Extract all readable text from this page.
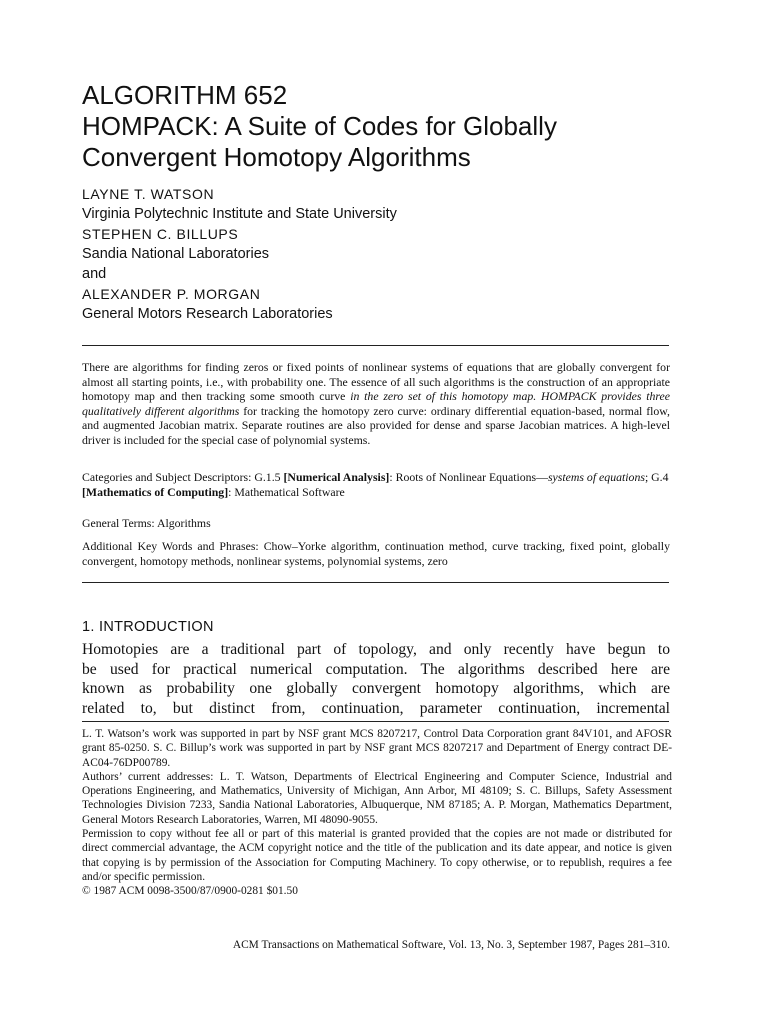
ALGORITHM 652
HOMPACK: A Suite of Codes for Globally
Convergent Homotopy Algorithms
LAYNE T. WATSON
Virginia Polytechnic Institute and State University
STEPHEN C. BILLUPS
Sandia National Laboratories
and
ALEXANDER P. MORGAN
General Motors Research Laboratories

There are algorithms for finding zeros or fixed points of nonlinear systems of equations that are globally convergent for almost all starting points, i.e., with probability one. The essence of all such algorithms is the construction of an appropriate homotopy map and then tracking some smooth curve in the zero set of this homotopy map. HOMPACK provides three qualitatively different algorithms for tracking the homotopy zero curve: ordinary differential equation-based, normal flow, and augmented Jacobian matrix. Separate routines are also provided for dense and sparse Jacobian matrices. A high-level driver is included for the special case of polynomial systems.

Categories and Subject Descriptors: G.1.5 [Numerical Analysis]: Roots of Nonlinear Equations—systems of equations; G.4 [Mathematics of Computing]: Mathematical Software

General Terms: Algorithms

Additional Key Words and Phrases: Chow–Yorke algorithm, continuation method, curve tracking, fixed point, globally convergent, homotopy methods, nonlinear systems, polynomial systems, zero

1. INTRODUCTION
Homotopies are a traditional part of topology, and only recently have begun to
be used for practical numerical computation. The algorithms described here are
known as probability one globally convergent homotopy algorithms, which are
related to, but distinct from, continuation, parameter continuation, incremental

L. T. Watson’s work was supported in part by NSF grant MCS 8207217, Control Data Corporation grant 84V101, and AFOSR grant 85-0250. S. C. Billup’s work was supported in part by NSF grant MCS 8207217 and Department of Energy contract DE-AC04-76DP00789.

Authors’ current addresses: L. T. Watson, Departments of Electrical Engineering and Computer Science, Industrial and Operations Engineering, and Mathematics, University of Michigan, Ann Arbor, MI 48109; S. C. Billups, Safety Assessment Technologies Division 7233, Sandia National Laboratories, Albuquerque, NM 87185; A. P. Morgan, Mathematics Department, General Motors Research Laboratories, Warren, MI 48090-9055.

Permission to copy without fee all or part of this material is granted provided that the copies are not made or distributed for direct commercial advantage, the ACM copyright notice and the title of the publication and its date appear, and notice is given that copying is by permission of the Association for Computing Machinery. To copy otherwise, or to republish, requires a fee and/or specific permission.

© 1987 ACM 0098-3500/87/0900-0281 $01.50

ACM Transactions on Mathematical Software, Vol. 13, No. 3, September 1987, Pages 281–310.
